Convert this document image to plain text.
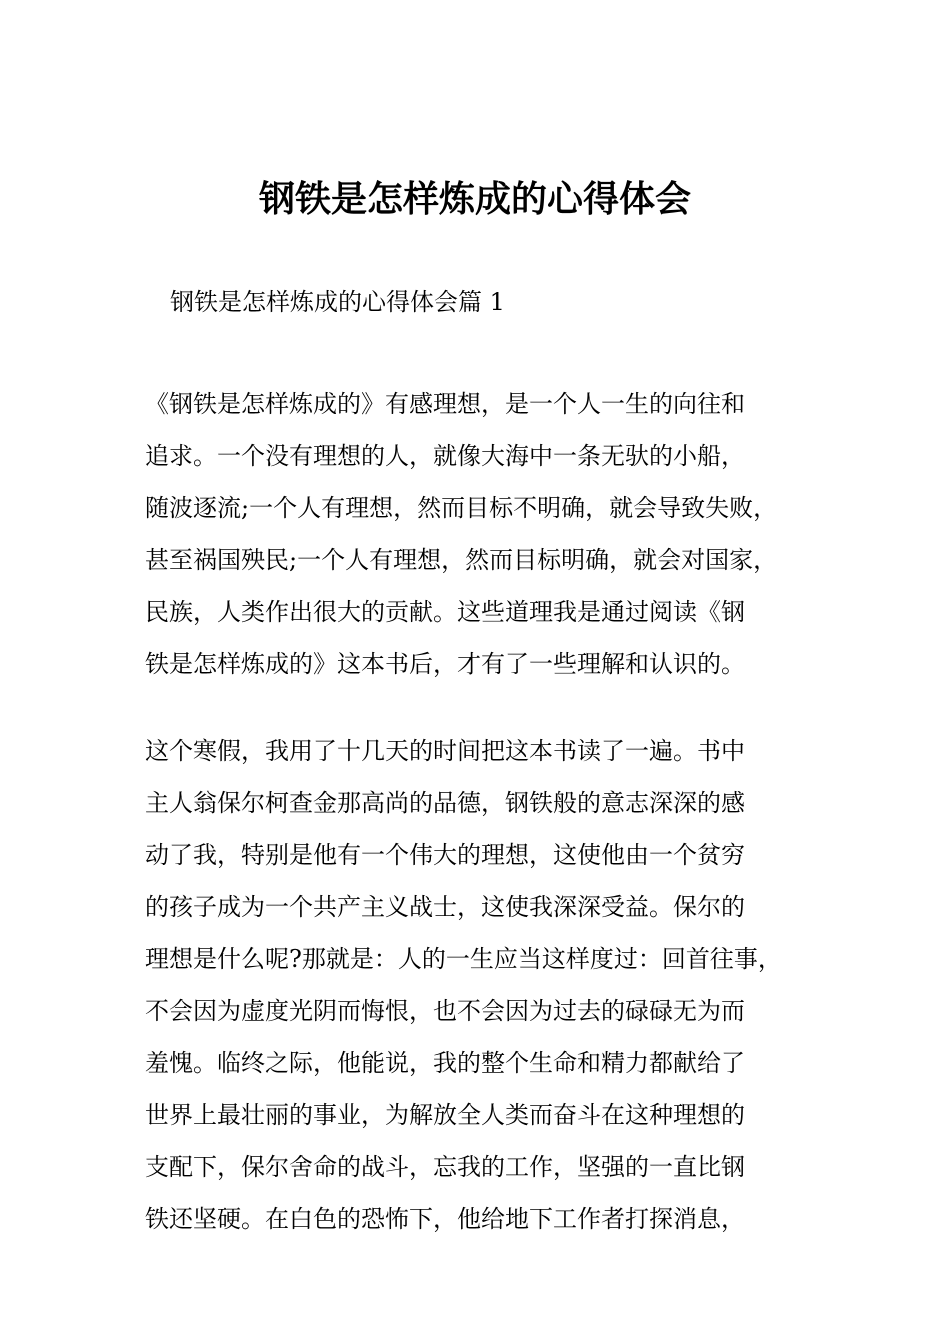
钢铁是怎样炼成的心得体会

钢铁是怎样炼成的心得体会篇 1

《钢铁是怎样炼成的》有感理想，是一个人一生的向往和
追求。一个没有理想的人，就像大海中一条无驮的小船，
随波逐流;一个人有理想，然而目标不明确，就会导致失败，
甚至祸国殃民;一个人有理想，然而目标明确，就会对国家，
民族，人类作出很大的贡献。这些道理我是通过阅读《钢
铁是怎样炼成的》这本书后，才有了一些理解和认识的。
这个寒假，我用了十几天的时间把这本书读了一遍。书中
主人翁保尔柯查金那高尚的品德，钢铁般的意志深深的感
动了我，特别是他有一个伟大的理想，这使他由一个贫穷
的孩子成为一个共产主义战士，这使我深深受益。保尔的
理想是什么呢?那就是：人的一生应当这样度过：回首往事，
不会因为虚度光阴而悔恨，也不会因为过去的碌碌无为而
羞愧。临终之际，他能说，我的整个生命和精力都献给了
世界上最壮丽的事业，为解放全人类而奋斗在这种理想的
支配下，保尔舍命的战斗，忘我的工作，坚强的一直比钢
铁还坚硬。在白色的恐怖下，他给地下工作者打探消息，
